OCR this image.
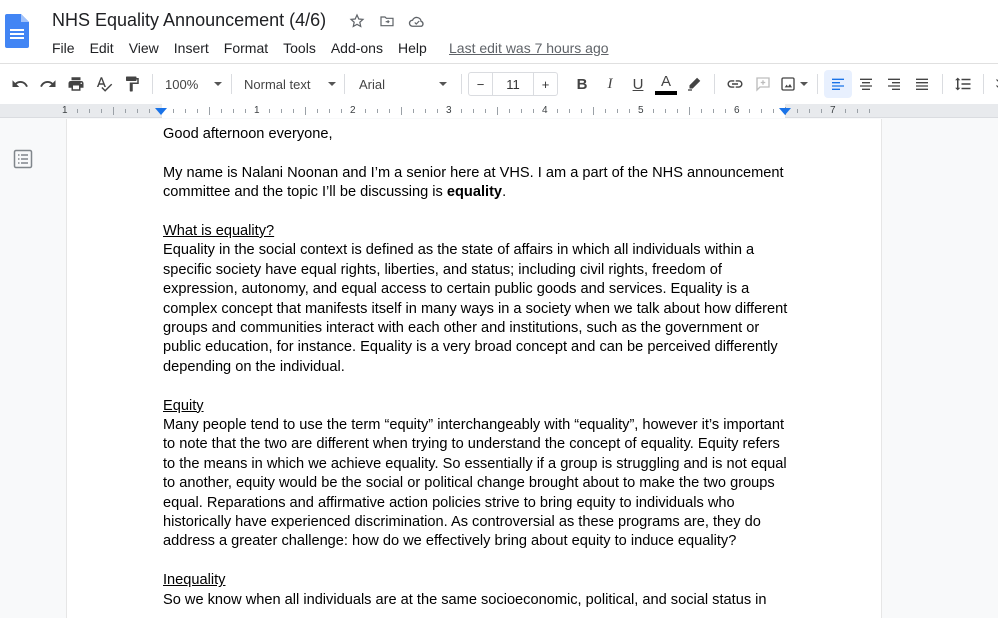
NHS Equality Announcement (4/6)
File Edit View Insert Format Tools Add-ons Help Last edit was 7 hours ago
100%	Normal text	Arial	−	11	+	B	I	U	A
1	1	2	3	4	5	6	7

Good afternoon everyone,

My name is Nalani Noonan and I’m a senior here at VHS. I am a part of the NHS announcement committee and the topic I’ll be discussing is equality.

What is equality?

Equality in the social context is defined as the state of affairs in which all individuals within a specific society have equal rights, liberties, and status; including civil rights, freedom of expression, autonomy, and equal access to certain public goods and services. Equality is a complex concept that manifests itself in many ways in a society when we talk about how different groups and communities interact with each other and institutions, such as the government or public education, for instance. Equality is a very broad concept and can be perceived differently depending on the individual.

Equity

Many people tend to use the term “equity” interchangeably with “equality”, however it’s important to note that the two are different when trying to understand the concept of equality. Equity refers to the means in which we achieve equality. So essentially if a group is struggling and is not equal to another, equity would be the social or political change brought about to make the two groups equal. Reparations and affirmative action policies strive to bring equity to individuals who historically have experienced discrimination. As controversial as these programs are, they do address a greater challenge: how do we effectively bring about equity to induce equality?

Inequality

So we know when all individuals are at the same socioeconomic, political, and social status in
